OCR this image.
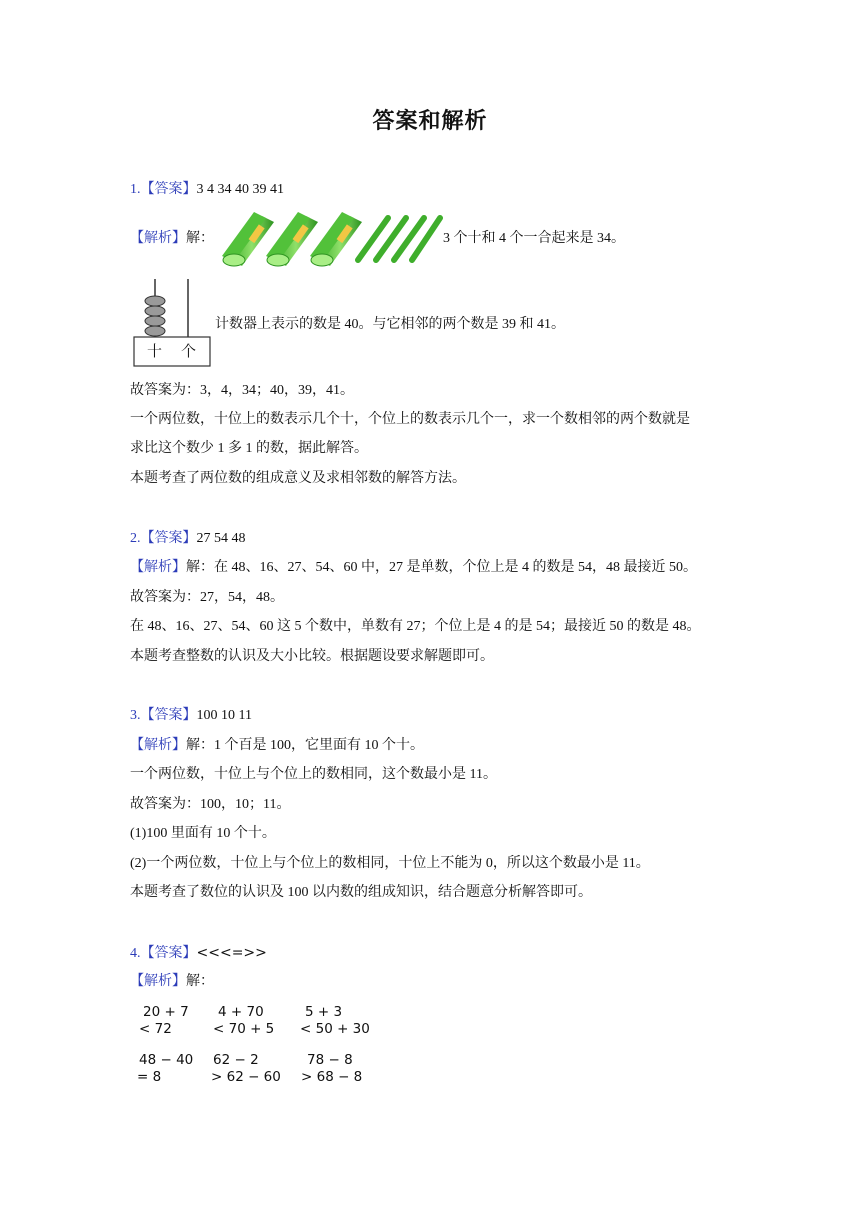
答案和解析
1.【答案】3 4 34 40 39 41
【解析】解：	3 个十和 4 个一合起来是 34。
十 个
计数器上表示的数是 40。与它相邻的两个数是 39 和 41。
故答案为：3，4，34；40，39，41。
一个两位数，十位上的数表示几个十，个位上的数表示几个一，求一个数相邻的两个数就是
求比这个数少 1 多 1 的数，据此解答。
本题考查了两位数的组成意义及求相邻数的解答方法。
2.【答案】27 54 48
【解析】解：在 48、16、27、54、60 中，27 是单数，个位上是 4 的数是 54，48 最接近 50。
故答案为：27，54，48。
在 48、16、27、54、60 这 5 个数中，单数有 27；个位上是 4 的是 54；最接近 50 的数是 48。
本题考查整数的认识及大小比较。根据题设要求解题即可。
3.【答案】100 10 11
【解析】解：1 个百是 100，它里面有 10 个十。
一个两位数，十位上与个位上的数相同，这个数最小是 11。
故答案为：100，10；11。
(1)100 里面有 10 个十。
(2)一个两位数，十位上与个位上的数相同，十位上不能为 0，所以这个数最小是 11。
本题考查了数位的认识及 100 以内数的组成知识，结合题意分析解答即可。
4.【答案】<<<=>>
【解析】解：
20 + 7
< 72
4 + 70
< 70 + 5
5 + 3
< 50 + 30
48 − 40
= 8
62 − 2
> 62 − 60
78 − 8
> 68 − 8
